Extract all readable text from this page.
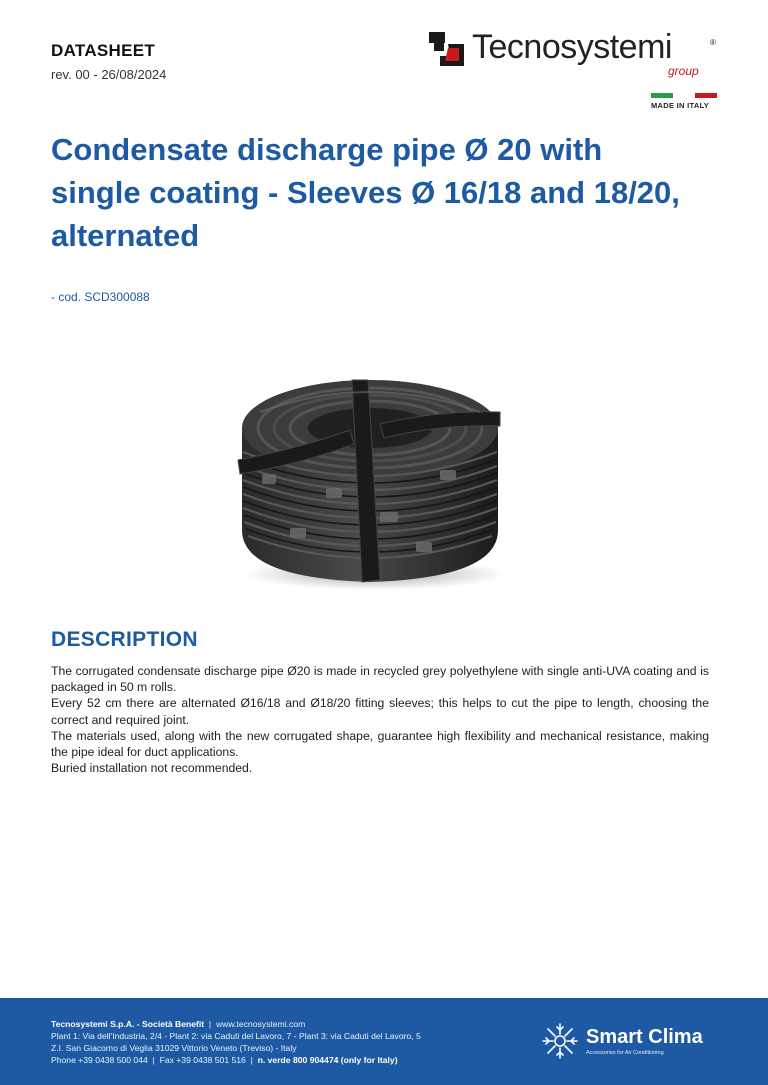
DATASHEET
rev. 00 - 26/08/2024
Tecnosystemi	®
group
MADE IN ITALY
Condensate discharge pipe Ø 20 with single coating - Sleeves Ø 16/18 and 18/20, alternated
- cod. SCD300088
DESCRIPTION

The corrugated condensate discharge pipe Ø20 is made in recycled grey polyethylene with single anti-UVA coating and is packaged in 50 m rolls.

Every 52 cm there are alternated Ø16/18 and Ø18/20 fitting sleeves; this helps to cut the pipe to length, choosing the correct and required joint.

The materials used, along with the new corrugated shape, guarantee high flexibility and mechanical resistance, making the pipe ideal for duct applications.

Buried installation not recommended.

Tecnosystemi S.p.A. - Società Benefit  |  www.tecnosystemi.com
Plant 1: Via dell'Industria, 2/4 - Plant 2: via Caduti del Lavoro, 7 - Plant 3: via Caduti del Lavoro, 5
Z.I. San Giacomo di Veglia 31029 Vittorio Veneto (Treviso) - Italy
Phone +39 0438 500 044  |  Fax +39 0438 501 516  |  n. verde 800 904474 (only for Italy)
Smart Clima
Accessories for Air Conditioning
